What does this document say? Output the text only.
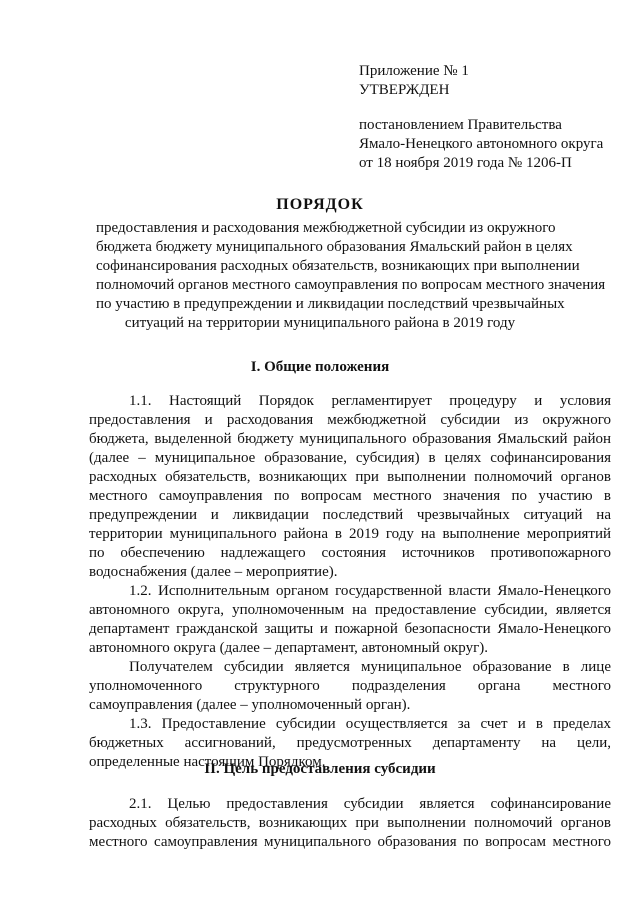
Приложение № 1
УТВЕРЖДЕН
постановлением Правительства
Ямало-Ненецкого автономного округа
от 18 ноября 2019 года № 1206-П
ПОРЯДОК
предоставления и расходования межбюджетной субсидии из окружного
бюджета бюджету муниципального образования Ямальский район в целях
софинансирования расходных обязательств, возникающих при выполнении
полномочий органов местного самоуправления по вопросам местного значения
по участию в предупреждении и ликвидации последствий чрезвычайных
ситуаций на территории муниципального района в 2019 году
I. Общие положения
1.1. Настоящий Порядок регламентирует процедуру и условия
предоставления и расходования межбюджетной субсидии из окружного
бюджета, выделенной бюджету муниципального образования Ямальский район
(далее – муниципальное образование, субсидия) в целях софинансирования
расходных обязательств, возникающих при выполнении полномочий органов
местного самоуправления по вопросам местного значения по участию в
предупреждении и ликвидации последствий чрезвычайных ситуаций на
территории муниципального района в 2019 году на выполнение мероприятий
по обеспечению надлежащего состояния источников противопожарного
водоснабжения (далее – мероприятие).
1.2. Исполнительным органом государственной власти Ямало-Ненецкого
автономного округа, уполномоченным на предоставление субсидии, является
департамент гражданской защиты и пожарной безопасности Ямало-Ненецкого
автономного округа (далее – департамент, автономный округ).
Получателем субсидии является муниципальное образование в лице
уполномоченного структурного подразделения органа местного
самоуправления (далее – уполномоченный орган).
1.3. Предоставление субсидии осуществляется за счет и в пределах
бюджетных ассигнований, предусмотренных департаменту на цели,
определенные настоящим Порядком.
II. Цель предоставления субсидии
2.1. Целью предоставления субсидии является софинансирование
расходных обязательств, возникающих при выполнении полномочий органов
местного самоуправления муниципального образования по вопросам местного
